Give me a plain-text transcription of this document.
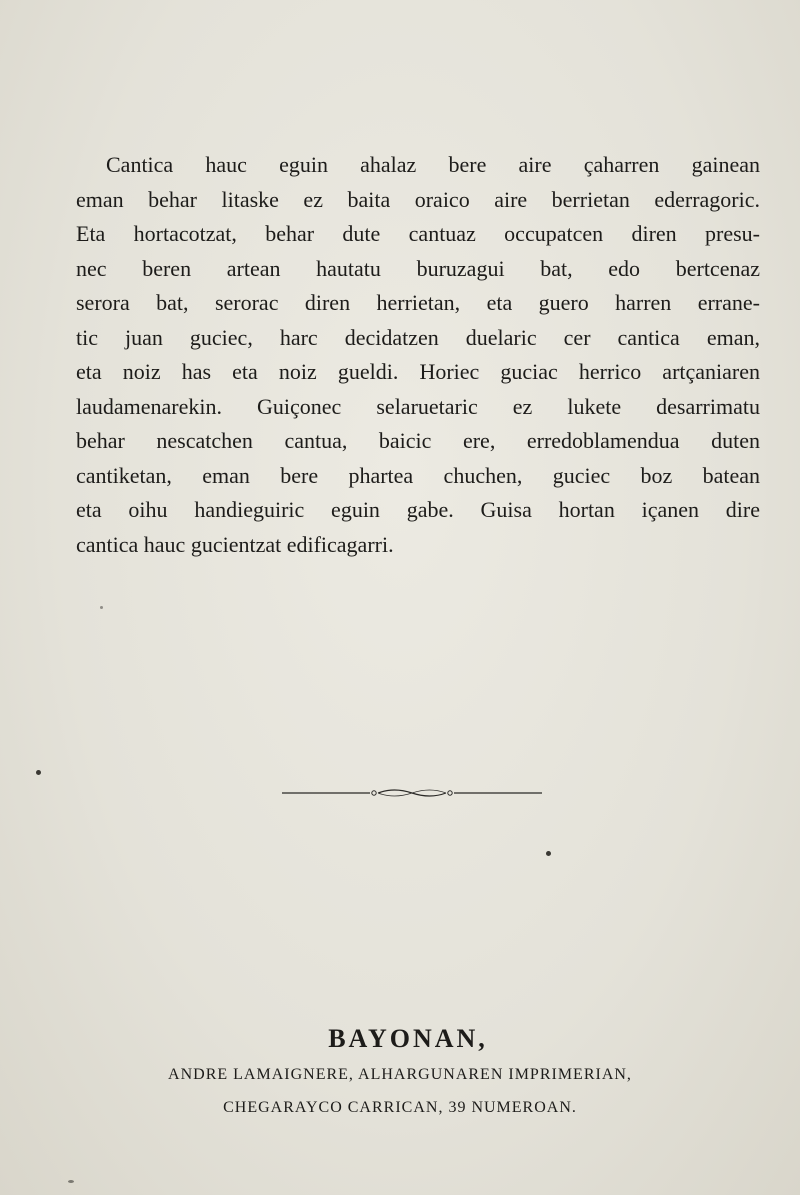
Cantica hauc eguin ahalaz bere aire çaharren gainean
eman behar litaske ez baita oraico aire berrietan ederragoric.
Eta hortacotzat, behar dute cantuaz occupatcen diren presu-
nec beren artean hautatu buruzagui bat, edo bertcenaz
serora bat, serorac diren herrietan, eta guero harren errane-
tic juan guciec, harc decidatzen duelaric cer cantica eman,
eta noiz has eta noiz gueldi. Horiec guciac herrico artçaniaren
laudamenarekin. Guiçonec selaruetaric ez lukete desarrimatu
behar nescatchen cantua, baicic ere, erredoblamendua duten
cantiketan, eman bere phartea chuchen, guciec boz batean
eta oihu handieguiric eguin gabe. Guisa hortan içanen dire
cantica hauc gucientzat edificagarri.

BAYONAN,
ANDRE LAMAIGNERE, ALHARGUNAREN IMPRIMERIAN,
CHEGARAYCO CARRICAN, 39 NUMEROAN.
